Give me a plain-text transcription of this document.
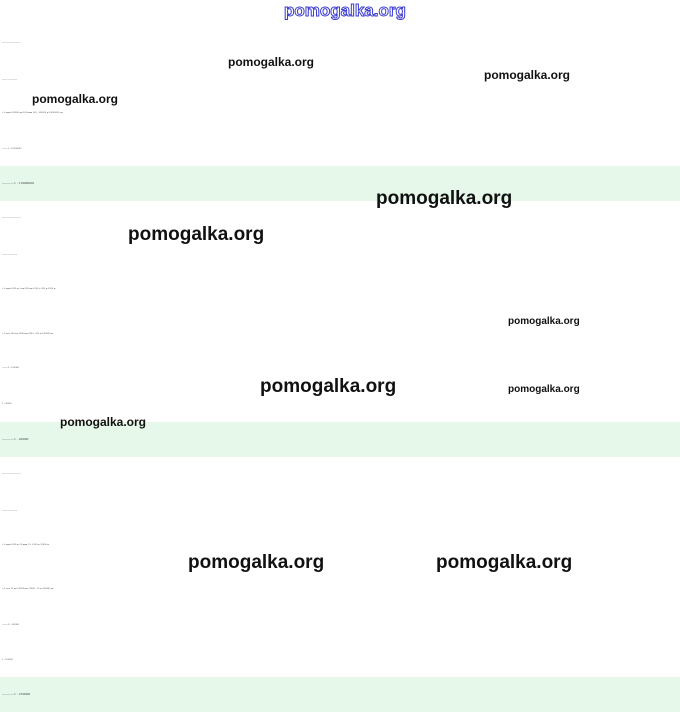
pomogalka.org
1 км= 100000 см100 км= 100 · 100000 = 10000000 см
1 : 10000000
Масштаб карты равен 1 : 10000000.
1 км= 1000 м1 км 200 м= 1000 + 200 = 1200 м
1 м = 100 см1200 м= 1200 · 100 = 120000 см
3 : 120000
1 : 40000
Масштаб карты равен 1 : 40000.
1 км= 1000 м50 км= 50 · 1000 = 50000 м
1 м = 10 дм50000 м= 50000 · 10 = 500000 дм
2 : 500000
1 : 250000
Масштаб карты равен 1 : 250000.
pomogalka.org
pomogalka.org
pomogalka.org
pomogalka.org
pomogalka.org
pomogalka.org
pomogalka.org	pomogalka.org
pomogalka.org
pomogalka.org	pomogalka.org
